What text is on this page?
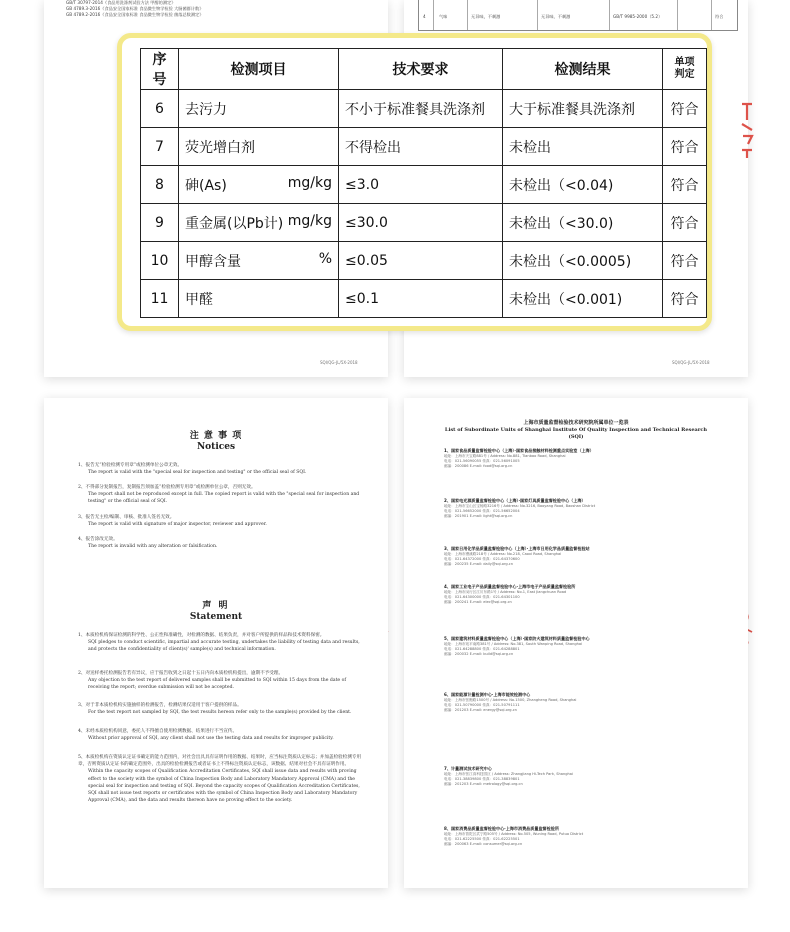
GB/T 30797-2014《食品用洗涤剂试验方法 甲醇的测定》
GB 4789.3-2016《食品安全国家标准 食品微生物学检验 大肠菌群计数》
GB 4789.2-2016《食品安全国家标准 食品微生物学检验 菌落总数测定》
SQI/QG-JL/5X-2018
4	气味	无异味，不刺激	无异味、不刺激	GB/T 9985-2000（5.2）	符合
SQI/QG-JL/5X-2018
序号	检测项目	技术要求	检测结果	单项
判定
6	去污力	不小于标准餐具洗涤剂	大于标准餐具洗涤剂	符合
7	荧光增白剂	不得检出	未检出	符合
8	砷(As) mg/kg	≤3.0	未检出（<0.04)	符合
9	重金属(以Pb计) mg/kg	≤30.0	未检出（<30.0)	符合
10	甲醇含量 %	≤0.05	未检出（<0.0005)	符合
11	甲醛	≤0.1	未检出（<0.001)	符合
注 意 事 项
Notices
1、报告无“检验检测专用章”或检测单位公章无效。
The report is valid with the "special seal for inspection and testing" or the official seal of SQI.
2、不得部分复制报告，复制报告须加盖“检验检测专用章”或检测单位公章，否则无效。
The report shall not be reproduced except in full. The copied report is valid with the "special seal for inspection and testing" or the official seal of SQI.
3、报告无主检/编制、审核、批准人签名无效。
The report is valid with signature of major inspector, reviewer and approver.
4、报告涂改无效。
The report is invalid with any alteration or falsification.
声 明
Statement
1、本质检机构保证检测的科学性、公正性和准确性，对检测的数据、结果负责，并对客户所提供的样品和技术资料保密。
SQI pledges to conduct scientific, impartial and accurate testing, undertakes the liability of testing data and results, and protects the confidentiality of client(s)' sample(s) and technical information.
2、对送样委托检测报告若有异议，应于报告收到之日起十五日内向本质检机构提出，逾期不予受理。
Any objection to the test report of delivered samples shall be submitted to SQI within 15 days from the date of receiving the report; overdue submission will not be accepted.
3、对于非本质检机构实施抽样的检测报告，检测结果仅适用于客户提供的样品。
For the test report not sampled by SQI, the test results hereon refer only to the sample(s) provided by the client.
4、未经本质检机构同意，委托人不得擅自使用检测数据、结果进行不当宣传。
Without prior approval of SQI, any client shall not use the testing data and results for improper publicity.
5、本质检机构在资质认定证书确定的能力范围内，对社会出具具有证明作用的数据、结果时，应当标注资质认定标志；并加盖检验检测专用章，否则资质认定证书的确定范围外，出具的检验检测报告或者证书上不得标注资质认定标志，该数据、结果对社会不具有证明作用。
Within the capacity scopes of Qualification Accreditation Certificates, SQI shall issue data and results with proving effect to the society with the symbol of China Inspection Body and Laboratory Mandatory Approval (CMA) and the special seal for inspection and testing of SQI. Beyond the capacity scopes of Qualification Accreditation Certificates, SQI shall not issue test reports or certificates with the symbol of China Inspection Body and Laboratory Mandatory Approval (CMA), and the data and results thereon have no proving effect to the society.
上海市质量监督检验技术研究院所属单位一览表
List of Subordinate Units of Shanghai Institute Of Quality Inspection and Technical Research
(SQI)
1、国家食品质量监督检验中心（上海）·国家食品接触材料检测重点实验室（上海）
地址：上海市天宝路881号 / Address: No.881, Tianbao Road, Shanghai
电话：021-56090055 传真：021-56091005
邮编：200086 E-mail: food@sqi.org.cn
2、国家电光源质量监督检验中心（上海）·国家灯具质量监督检验中心（上海）
地址：上海市宝山区宝杨路3216号 / Address: No.3216, Baoyang Road, Baoshan District
电话：021-56652000 传真：021-56652004
邮编：201901 E-mail: light@sqi.org.cn
3、国家日用化学品质量监督检验中心（上海）·上海市日用化学品质量监督检验站
地址：上海市漕溪路218号 / Address: No.218, Caoxi Road, Shanghai
电话：021-64372000 传真：021-64370600
邮编：200235 E-mail: daily@sqi.org.cn
4、国家工业电子产品质量监督检验中心·上海市电子产品质量监督检验所
地址：上海市闵行区江川东路1号 / Address: No.1, East Jiangchuan Road
电话：021-64300000 传真：021-64301100
邮编：200241 E-mail: elec@sqi.org.cn
5、国家建筑材料质量监督检验中心（上海）·国家防火建筑材料质量监督检验中心
地址：上海市宛平南路381号 / Address: No.381, South Wanping Road, Shanghai
电话：021-64288800 传真：021-64288801
邮编：200032 E-mail: build@sqi.org.cn
6、国家能源计量检测中心·上海市能效检测中心
地址：上海市张衡路1500号 / Address: No.1500, Zhangheng Road, Shanghai
电话：021-50790000 传真：021-50791111
邮编：201203 E-mail: energy@sqi.org.cn
7、计量测试技术研究中心
地址：上海市张江高科技园区 / Address: Zhangjiang Hi-Tech Park, Shanghai
电话：021-38839800 传真：021-38839801
邮编：201203 E-mail: metrology@sqi.org.cn
8、国家消费品质量监督检验中心·上海市消费品质量监督检验所
地址：上海市普陀区武宁路505号 / Address: No.505, Wuning Road, Putuo District
电话：021-62225500 传真：021-62225501
邮编：200063 E-mail: consumer@sqi.org.cn
